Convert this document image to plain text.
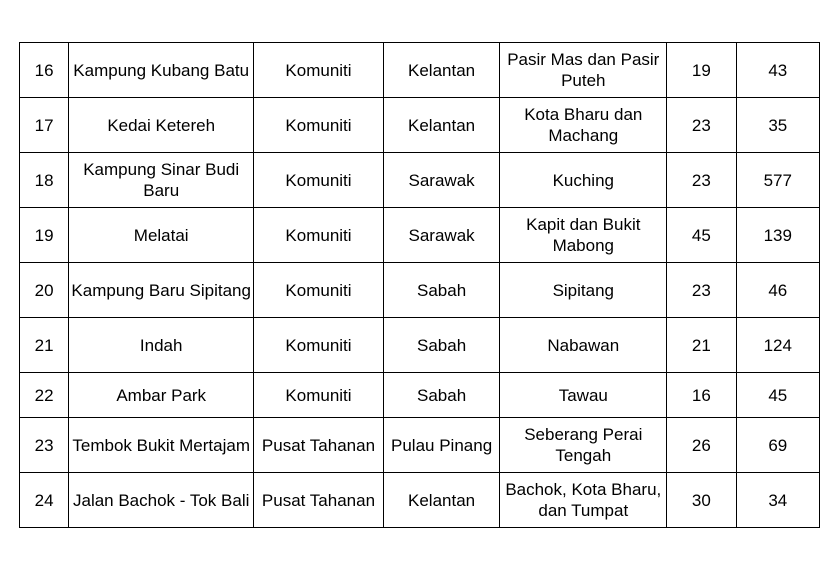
16	Kampung Kubang Batu	Komuniti	Kelantan	Pasir Mas dan Pasir Puteh	19	43
17	Kedai Ketereh	Komuniti	Kelantan	Kota Bharu dan Machang	23	35
18	Kampung Sinar Budi Baru	Komuniti	Sarawak	Kuching	23	577
19	Melatai	Komuniti	Sarawak	Kapit dan Bukit Mabong	45	139
20	Kampung Baru Sipitang	Komuniti	Sabah	Sipitang	23	46
21	Indah	Komuniti	Sabah	Nabawan	21	124
22	Ambar Park	Komuniti	Sabah	Tawau	16	45
23	Tembok Bukit Mertajam	Pusat Tahanan	Pulau Pinang	Seberang Perai Tengah	26	69
24	Jalan Bachok - Tok Bali	Pusat Tahanan	Kelantan	Bachok, Kota Bharu, dan Tumpat	30	34
